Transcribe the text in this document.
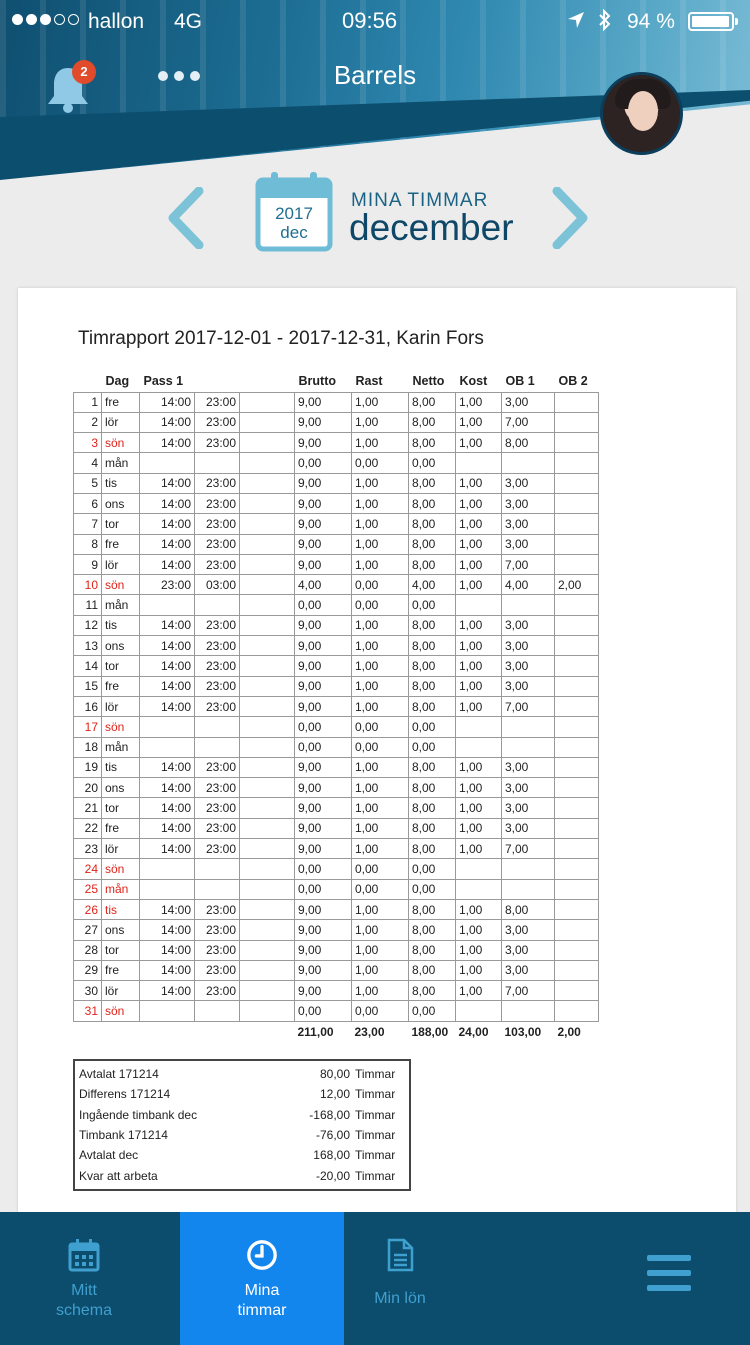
hallon 4G	09:56	94 %
2	Barrels
2017
dec
MINA TIMMAR
december
Timrapport 2017-12-01 - 2017-12-31, Karin Fors
	Dag	Pass 1			Brutto	Rast	Netto	Kost	OB 1	OB 2
1	fre	14:00	23:00		9,00	1,00	8,00	1,00	3,00	
2	lör	14:00	23:00		9,00	1,00	8,00	1,00	7,00	
3	sön	14:00	23:00		9,00	1,00	8,00	1,00	8,00	
4	mån				0,00	0,00	0,00			
5	tis	14:00	23:00		9,00	1,00	8,00	1,00	3,00	
6	ons	14:00	23:00		9,00	1,00	8,00	1,00	3,00	
7	tor	14:00	23:00		9,00	1,00	8,00	1,00	3,00	
8	fre	14:00	23:00		9,00	1,00	8,00	1,00	3,00	
9	lör	14:00	23:00		9,00	1,00	8,00	1,00	7,00	
10	sön	23:00	03:00		4,00	0,00	4,00	1,00	4,00	2,00
11	mån				0,00	0,00	0,00			
12	tis	14:00	23:00		9,00	1,00	8,00	1,00	3,00	
13	ons	14:00	23:00		9,00	1,00	8,00	1,00	3,00	
14	tor	14:00	23:00		9,00	1,00	8,00	1,00	3,00	
15	fre	14:00	23:00		9,00	1,00	8,00	1,00	3,00	
16	lör	14:00	23:00		9,00	1,00	8,00	1,00	7,00	
17	sön				0,00	0,00	0,00			
18	mån				0,00	0,00	0,00			
19	tis	14:00	23:00		9,00	1,00	8,00	1,00	3,00	
20	ons	14:00	23:00		9,00	1,00	8,00	1,00	3,00	
21	tor	14:00	23:00		9,00	1,00	8,00	1,00	3,00	
22	fre	14:00	23:00		9,00	1,00	8,00	1,00	3,00	
23	lör	14:00	23:00		9,00	1,00	8,00	1,00	7,00	
24	sön				0,00	0,00	0,00			
25	mån				0,00	0,00	0,00			
26	tis	14:00	23:00		9,00	1,00	8,00	1,00	8,00	
27	ons	14:00	23:00		9,00	1,00	8,00	1,00	3,00	
28	tor	14:00	23:00		9,00	1,00	8,00	1,00	3,00	
29	fre	14:00	23:00		9,00	1,00	8,00	1,00	3,00	
30	lör	14:00	23:00		9,00	1,00	8,00	1,00	7,00	
31	sön				0,00	0,00	0,00			
					211,00	23,00	188,00	24,00	103,00	2,00
Avtalat 171214	80,00 Timmar
Differens 171214	12,00 Timmar
Ingående timbank dec	-168,00 Timmar
Timbank 171214	-76,00 Timmar
Avtalat dec	168,00 Timmar
Kvar att arbeta	-20,00 Timmar
Mitt schema
Mina timmar
Min lön
